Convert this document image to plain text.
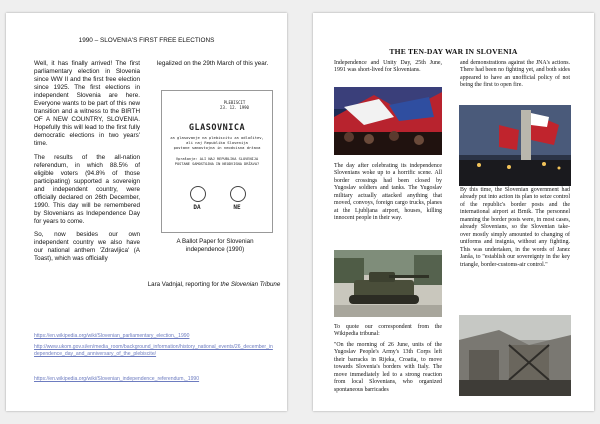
1990 – SLOVENIA'S FIRST FREE ELECTIONS

Well, it has finally arrived! The first parliamentary election in Slovenia since WW II and the first free election since 1925. The first elections in independent Slovenia are here. Everyone wants to be part of this new transition and a witness to the BIRTH OF A NEW COUNTRY, SLOVENIA. Hopefully this will lead to the first fully democratic elections in two years' time.

The results of the all-nation referendum, in which 88.5% of eligible voters (94.8% of those participating) supported a sovereign and independent country, were officially declared on 26th December, 1990. This day will be remembered by Slovenians as Independence Day for years to come.

So, now besides our own independent country we also have our national anthem 'Zdravljica' (A Toast), which was officially

legalized on the 29th March of this year.

PLEBISCIT
23. 12. 1990
GLASOVNICA
za glasovanje na plebiscitu za odločitev,
ali naj Republika Slovenija
postane samostojna in neodvisna država
Vprašanje: ALI NAJ REPUBLIKA SLOVENIJA POSTANE SAMOSTOJNA IN NEODVISNA DRŽAVA?
DA	NE
A Ballot Paper for Slovenian independence (1990)
Lara Vadnjal, reporting for the Slovenian Tribune
https://en.wikipedia.org/wiki/Slovenian_parliamentary_election,_1990
http://www.ukom.gov.si/en/media_room/background_information/history_national_events/26_december_independence_day_and_anniversary_of_the_plebiscite/
https://en.wikipedia.org/wiki/Slovenian_independence_referendum,_1990
THE TEN-DAY WAR IN SLOVENIA

Independence and Unity Day, 25th June, 1991 was short-lived for Slovenians.

The day after celebrating its independence Slovenians woke up to a horrific scene. All border crossings had been closed by Yugoslav soldiers and tanks. The Yugoslav military actually attacked anything that moved, convoys, foreign cargo trucks, planes at the Ljubljana airport, houses, killing innocent people in their way.

To quote our correspondent from the Wikipedia tribunal:

"On the morning of 26 June, units of the Yugoslav People's Army's 13th Corps left their barracks in Rijeka, Croatia, to move towards Slovenia's borders with Italy. The move immediately led to a strong reaction from local Slovenians, who organized spontaneous barricades

and demonstrations against the JNA's actions. There had been no fighting yet, and both sides appeared to have an unofficial policy of not being the first to open fire.

By this time, the Slovenian government had already put into action its plan to seize control of the republic's border posts and the international airport at Brnik. The personnel manning the border posts were, in most cases, already Slovenians, so the Slovenian take-over mostly simply amounted to changing of uniforms and insignia, without any fighting. This was undertaken, in the words of Janez Janša, to "establish our sovereignty in the key triangle, border-customs-air control."
